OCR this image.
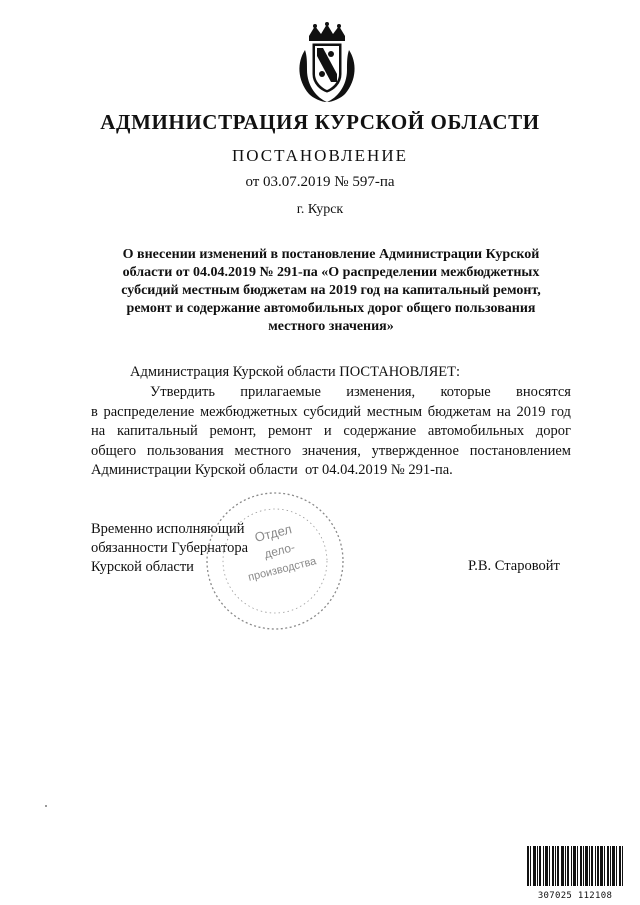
АДМИНИСТРАЦИЯ КУРСКОЙ ОБЛАСТИ
ПОСТАНОВЛЕНИЕ
от 03.07.2019 № 597-па
г. Курск
О внесении изменений в постановление Администрации Курской
области от 04.04.2019 № 291-па «О распределении межбюджетных
субсидий местным бюджетам на 2019 год на капитальный ремонт,
ремонт и содержание автомобильных дорог общего пользования
местного значения»
Администрация Курской области ПОСТАНОВЛЯЕТ:
Утвердить прилагаемые изменения, которые вносятся
в распределение межбюджетных субсидий местным бюджетам на 2019 год
на капитальный ремонт, ремонт и содержание автомобильных дорог
общего пользования местного значения, утвержденное постановлением
Администрации Курской области  от 04.04.2019 № 291-па.
Временно исполняющий
обязанности Губернатора
Курской области
Отдел
дело-
производства	Р.В. Старовойт
307025 112108
